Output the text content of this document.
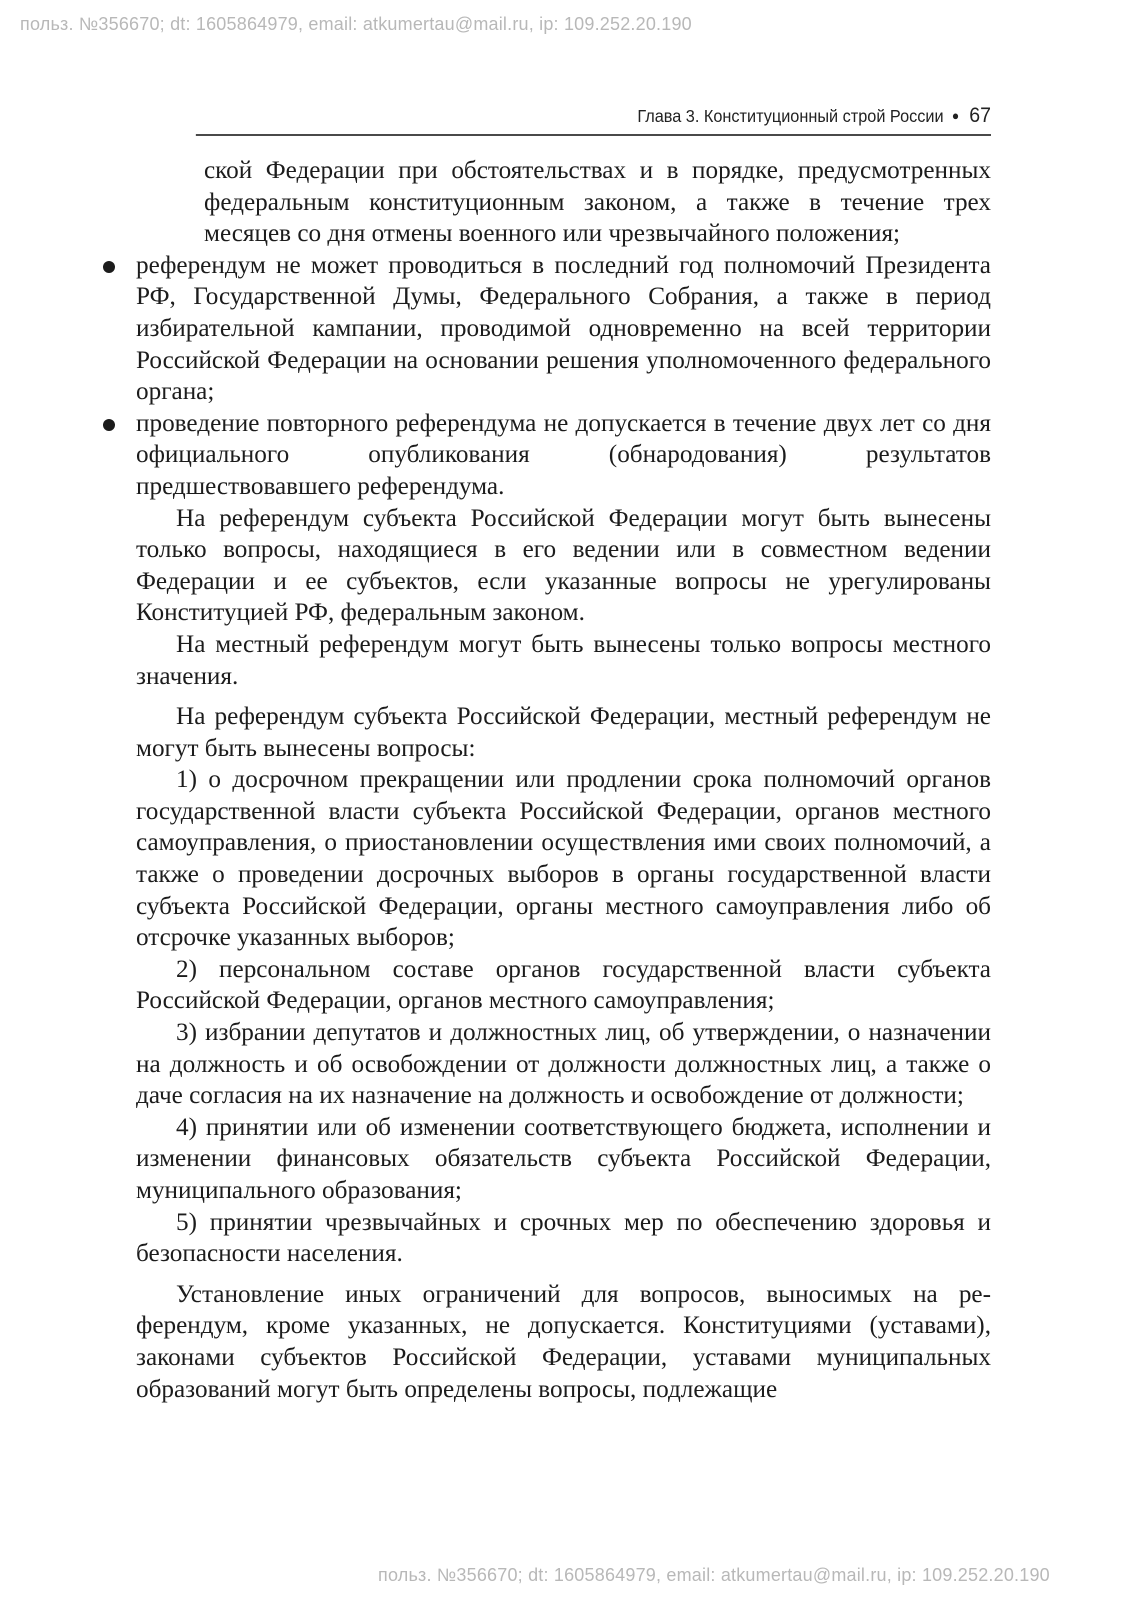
польз. №356670; dt: 1605864979, email: atkumertau@mail.ru, ip: 109.252.20.190
Глава 3. Конституционный строй России ● 67

ской Федерации при обстоятельствах и в порядке, предусмотренных федеральным конституционным законом, а также в течение трех месяцев со дня отмены военного или чрезвычайного положения;

референдум не может проводиться в последний год полномочий Президента РФ, Государственной Думы, Федерального Собрания, а также в период избирательной кампании, проводимой одновременно на всей территории Российской Федерации на основании решения уполномоченного федерального органа;

проведение повторного референдума не допускается в течение двух лет со дня официального опубликования (обнародования) результатов предшествовавшего референдума.

На референдум субъекта Российской Федерации могут быть вынесены только вопросы, находящиеся в его ведении или в совместном ведении Федерации и ее субъектов, если указанные вопросы не урегулированы Конституцией РФ, федеральным законом.

На местный референдум могут быть вынесены только вопросы местного значения.

На референдум субъекта Российской Федерации, местный референдум не могут быть вынесены вопросы:

1) о досрочном прекращении или продлении срока полномочий органов государственной власти субъекта Российской Федерации, органов местного самоуправления, о приостановлении осуществления ими своих полномочий, а также о проведении досрочных выборов в органы государственной власти субъекта Российской Федерации, органы местного самоуправления либо об отсрочке указанных выборов;

2) персональном составе органов государственной власти субъекта Российской Федерации, органов местного самоуправления;

3) избрании депутатов и должностных лиц, об утверждении, о назначении на должность и об освобождении от должности должностных лиц, а также о даче согласия на их назначение на должность и освобождение от должности;

4) принятии или об изменении соответствующего бюджета, исполнении и изменении финансовых обязательств субъекта Российской Федерации, муниципального образования;

5) принятии чрезвычайных и срочных мер по обеспечению здоровья и безопасности населения.

Установление иных ограничений для вопросов, выносимых на референдум, кроме указанных, не допускается. Конституциями (уставами), законами субъектов Российской Федерации, уставами муниципальных образований могут быть определены вопросы, подлежащие

польз. №356670; dt: 1605864979, email: atkumertau@mail.ru, ip: 109.252.20.190
